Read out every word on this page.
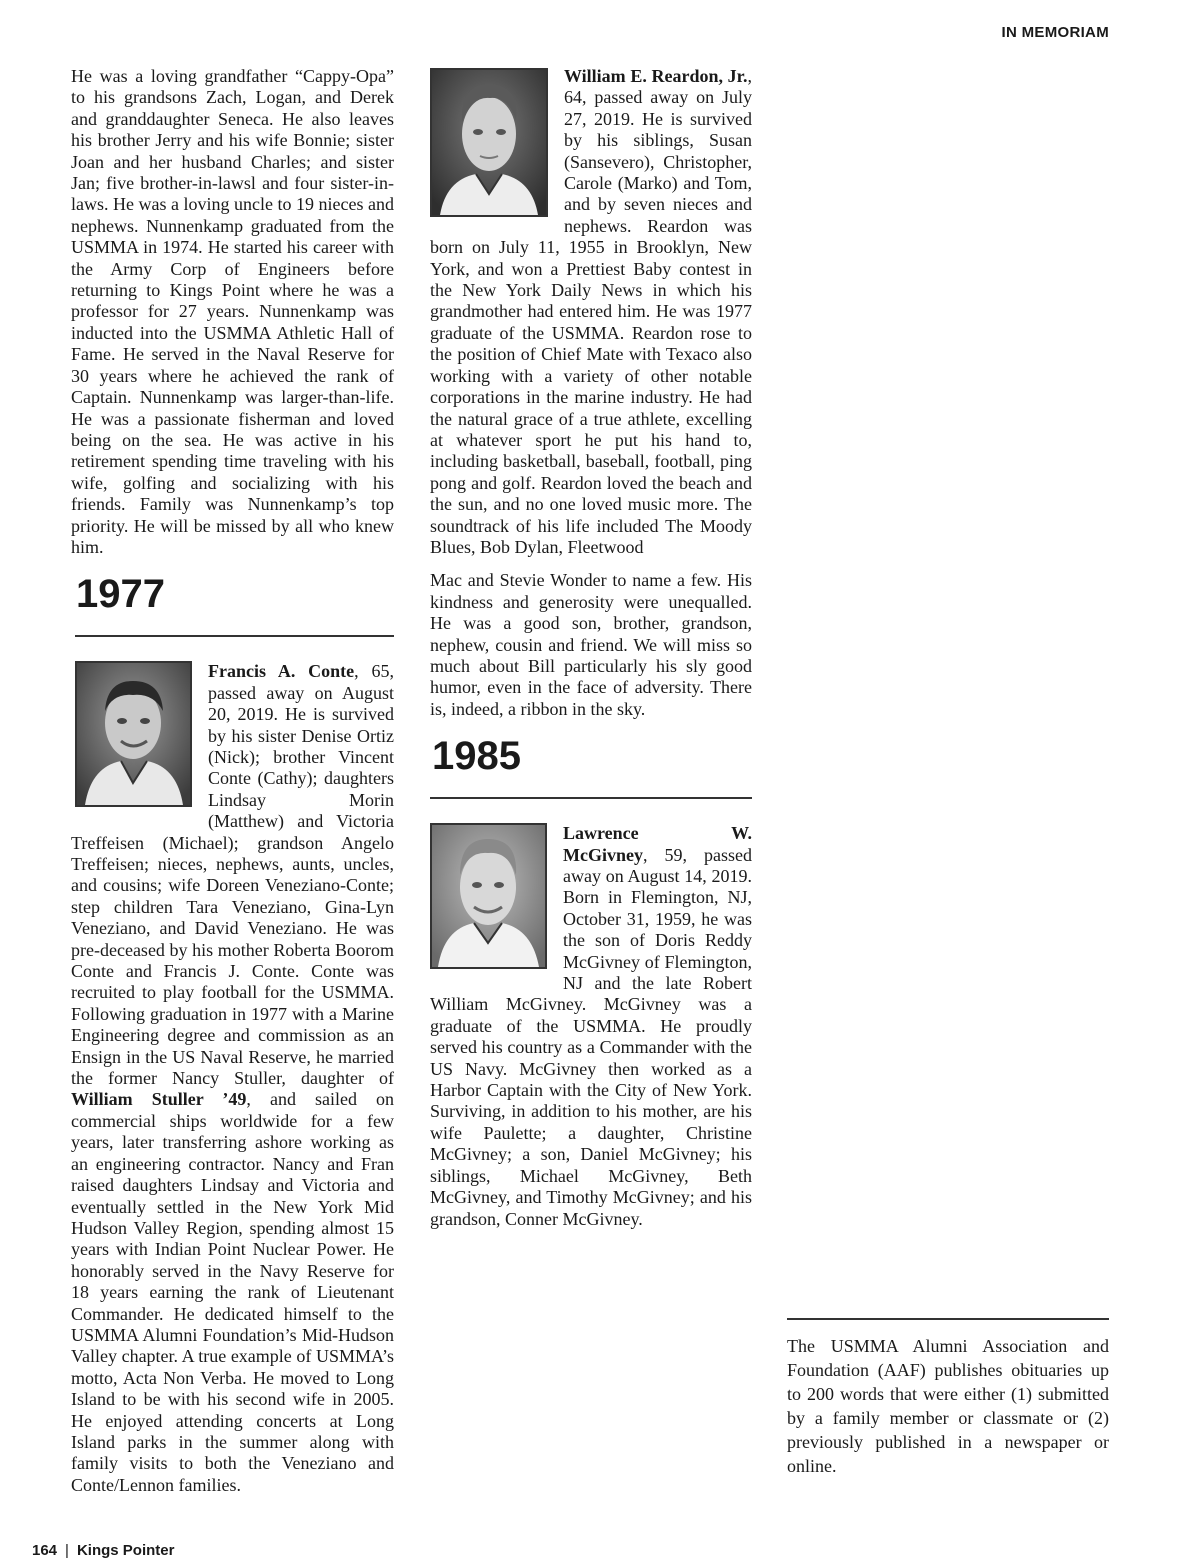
IN MEMORIAM

He was a loving grandfather “Cappy-Opa” to his grandsons Zach, Logan, and Derek and granddaughter Seneca. He also leaves his brother Jerry and his wife Bonnie; sister Joan and her husband Charles; and sister Jan; five brother-in-lawsl and four sister-in-laws. He was a loving uncle to 19 nieces and nephews. Nunnenkamp graduated from the USMMA in 1974. He started his career with the Army Corp of Engineers before returning to Kings Point where he was a professor for 27 years. Nunnenkamp was inducted into the USMMA Athletic Hall of Fame. He served in the Naval Reserve for 30 years where he achieved the rank of Captain. Nunnenkamp was larger-than-life. He was a passionate fisherman and loved being on the sea. He was active in his retirement spending time traveling with his wife, golfing and socializing with his friends. Family was Nunnenkamp’s top priority. He will be missed by all who knew him.

1977

Francis A. Conte, 65, passed away on August 20, 2019. He is survived by his sister Denise Ortiz (Nick); brother Vincent Conte (Cathy); daughters Lindsay Morin (Matthew) and Victoria Treffeisen (Michael); grandson Angelo Treffeisen; nieces, nephews, aunts, uncles, and cousins; wife Doreen Veneziano-Conte; step children Tara Veneziano, Gina-Lyn Veneziano, and David Veneziano. He was pre-deceased by his mother Roberta Boorom Conte and Francis J. Conte. Conte was recruited to play football for the USMMA. Following graduation in 1977 with a Marine Engineering degree and commission as an Ensign in the US Naval Reserve, he married the former Nancy Stuller, daughter of William Stuller ’49, and sailed on commercial ships worldwide for a few years, later transferring ashore working as an engineering contractor. Nancy and Fran raised daughters Lindsay and Victoria and eventually settled in the New York Mid Hudson Valley Region, spending almost 15 years with Indian Point Nuclear Power. He honorably served in the Navy Reserve for 18 years earning the rank of Lieutenant Commander. He dedicated himself to the USMMA Alumni Foundation’s Mid-Hudson Valley chapter. A true example of USMMA’s motto, Acta Non Verba. He moved to Long Island to be with his second wife in 2005. He enjoyed attending concerts at Long Island parks in the summer along with family visits to both the Veneziano and Conte/Lennon families.

William E. Reardon, Jr., 64, passed away on July 27, 2019. He is survived by his siblings, Susan (Sansevero), Christopher, Carole (Marko) and Tom, and by seven nieces and nephews. Reardon was born on July 11, 1955 in Brooklyn, New York, and won a Prettiest Baby contest in the New York Daily News in which his grandmother had entered him. He was 1977 graduate of the USMMA. Reardon rose to the position of Chief Mate with Texaco also working with a variety of other notable corporations in the marine industry. He had the natural grace of a true athlete, excelling at whatever sport he put his hand to, including basketball, baseball, football, ping pong and golf. Reardon loved the beach and the sun, and no one loved music more. The soundtrack of his life included The Moody Blues, Bob Dylan, Fleetwood

Mac and Stevie Wonder to name a few. His kindness and generosity were unequalled. He was a good son, brother, grandson, nephew, cousin and friend. We will miss so much about Bill particularly his sly good humor, even in the face of adversity. There is, indeed, a ribbon in the sky.

1985

Lawrence W. McGivney, 59, passed away on August 14, 2019. Born in Flemington, NJ, October 31, 1959, he was the son of Doris Reddy McGivney of Flemington, NJ and the late Robert William McGivney. McGivney was a graduate of the USMMA. He proudly served his country as a Commander with the US Navy. McGivney then worked as a Harbor Captain with the City of New York. Surviving, in addition to his mother, are his wife Paulette; a daughter, Christine McGivney; a son, Daniel McGivney; his siblings, Michael McGivney, Beth McGivney, and Timothy McGivney; and his grandson, Conner McGivney.

The USMMA Alumni Association and Foundation (AAF) publishes obituaries up to 200 words that were either (1) submitted by a family member or classmate or (2) previously published in a newspaper or online.

164 | Kings Pointer
